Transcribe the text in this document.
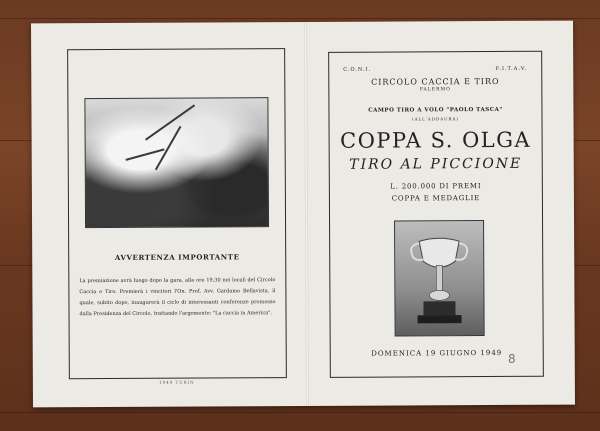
AVVERTENZA IMPORTANTE
La premiazione avrà luogo dopo la gara, alle ore 19,30 nei locali del Circolo Caccia e Tiro. Premierà i vincitori l'On. Prof. Avv. Gardamo Bellavista, il quale, subito dopo, inaugurerà il ciclo di interessanti conferenze promosso dalla Presidenza del Circolo, trattando l'argomento: "La caccia in America".
1949 TURIN
C.O.N.I.	F.I.T.A.V.
CIRCOLO CACCIA E TIRO
PALERMO
CAMPO TIRO A VOLO "PAOLO TASCA"
(ALL'ADDAURA)
COPPA S. OLGA
TIRO AL PICCIONE
L. 200.000 DI PREMI
COPPA E MEDAGLIE
DOMENICA 19 GIUGNO 1949 8
